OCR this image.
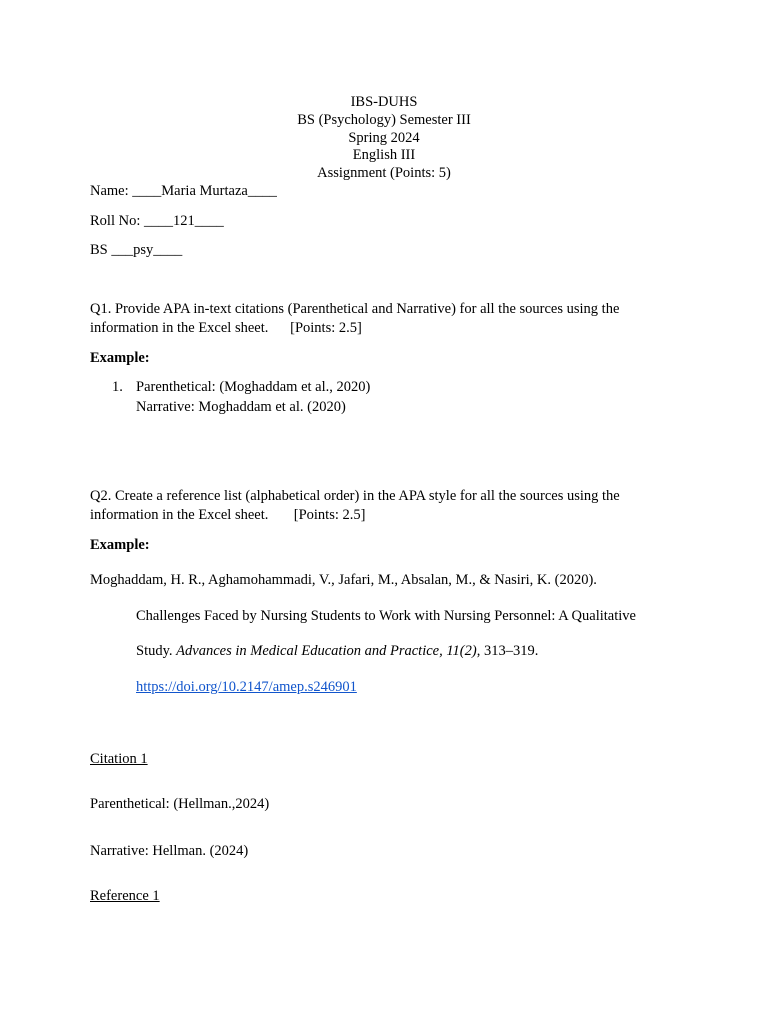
IBS-DUHS
BS (Psychology) Semester III
Spring 2024
English III
Assignment (Points: 5)
Name: ____Maria Murtaza____
Roll No: ____121____
BS ___psy____
Q1. Provide APA in-text citations (Parenthetical and Narrative) for all the sources using the
information in the Excel sheet.      [Points: 2.5]
Example:
1. Parenthetical: (Moghaddam et al., 2020)
Narrative: Moghaddam et al. (2020)
Q2. Create a reference list (alphabetical order) in the APA style for all the sources using the
information in the Excel sheet.       [Points: 2.5]
Example:
Moghaddam, H. R., Aghamohammadi, V., Jafari, M., Absalan, M., & Nasiri, K. (2020).
Challenges Faced by Nursing Students to Work with Nursing Personnel: A Qualitative
Study. Advances in Medical Education and Practice, 11(2), 313–319.
https://doi.org/10.2147/amep.s246901
Citation 1
Parenthetical: (Hellman.,2024)
Narrative: Hellman. (2024)
Reference 1
